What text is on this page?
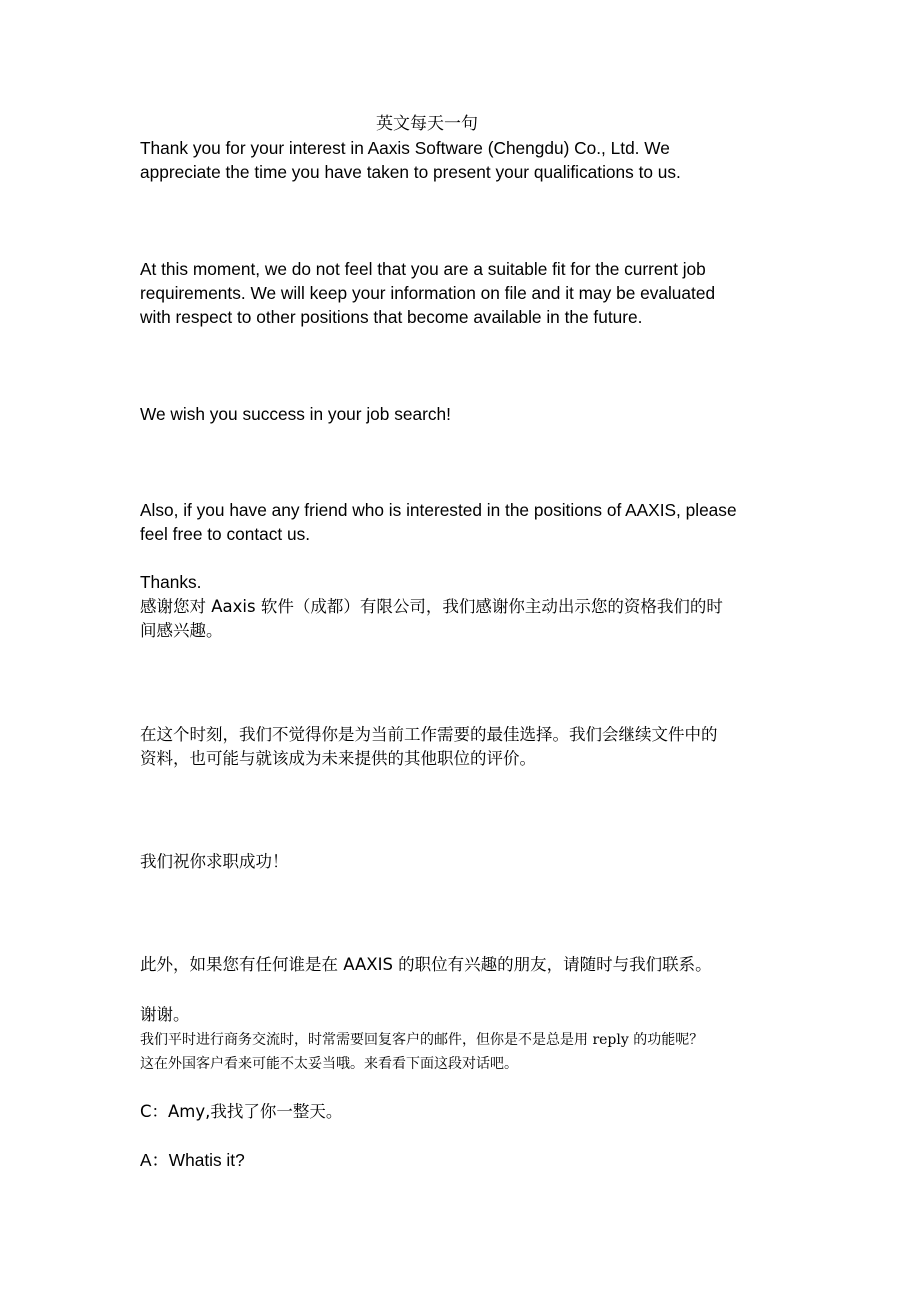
英文每天一句

Thank you for your interest in Aaxis Software (Chengdu) Co., Ltd. We
appreciate the time you have taken to present your qualifications to us.

At this moment, we do not feel that you are a suitable fit for the current job
requirements. We will keep your information on file and it may be evaluated
with respect to other positions that become available in the future.

We wish you success in your job search!

Also, if you have any friend who is interested in the positions of AAXIS, please
feel free to contact us.

Thanks.

感谢您对 Aaxis 软件（成都）有限公司，我们感谢你主动出示您的资格我们的时
间感兴趣。

在这个时刻，我们不觉得你是为当前工作需要的最佳选择。我们会继续文件中的
资料，也可能与就该成为未来提供的其他职位的评价。

我们祝你求职成功！

此外，如果您有任何谁是在 AAXIS 的职位有兴趣的朋友，请随时与我们联系。

谢谢。

我们平时进行商务交流时，时常需要回复客户的邮件，但你是不是总是用 reply 的功能呢？
这在外国客户看来可能不太妥当哦。来看看下面这段对话吧。

C：Amy,我找了你一整天。

A：Whatis it?
